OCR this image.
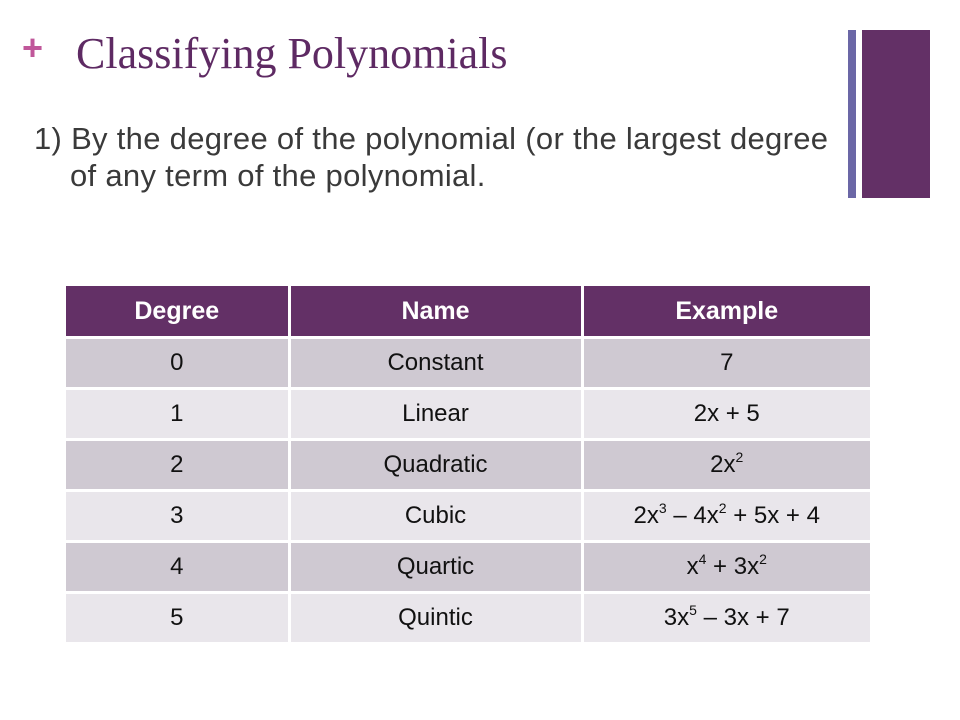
+ Classifying Polynomials
1) By the degree of the polynomial (or the largest degree of any term of the polynomial.
Degree	Name	Example
0	Constant	7
1	Linear	2x + 5
2	Quadratic	$2x^2$
3	Cubic	$2x^3 - 4x^2 + 5x + 4$
4	Quartic	$x^4 + 3x^2$
5	Quintic	$3x^5 - 3x + 7$
